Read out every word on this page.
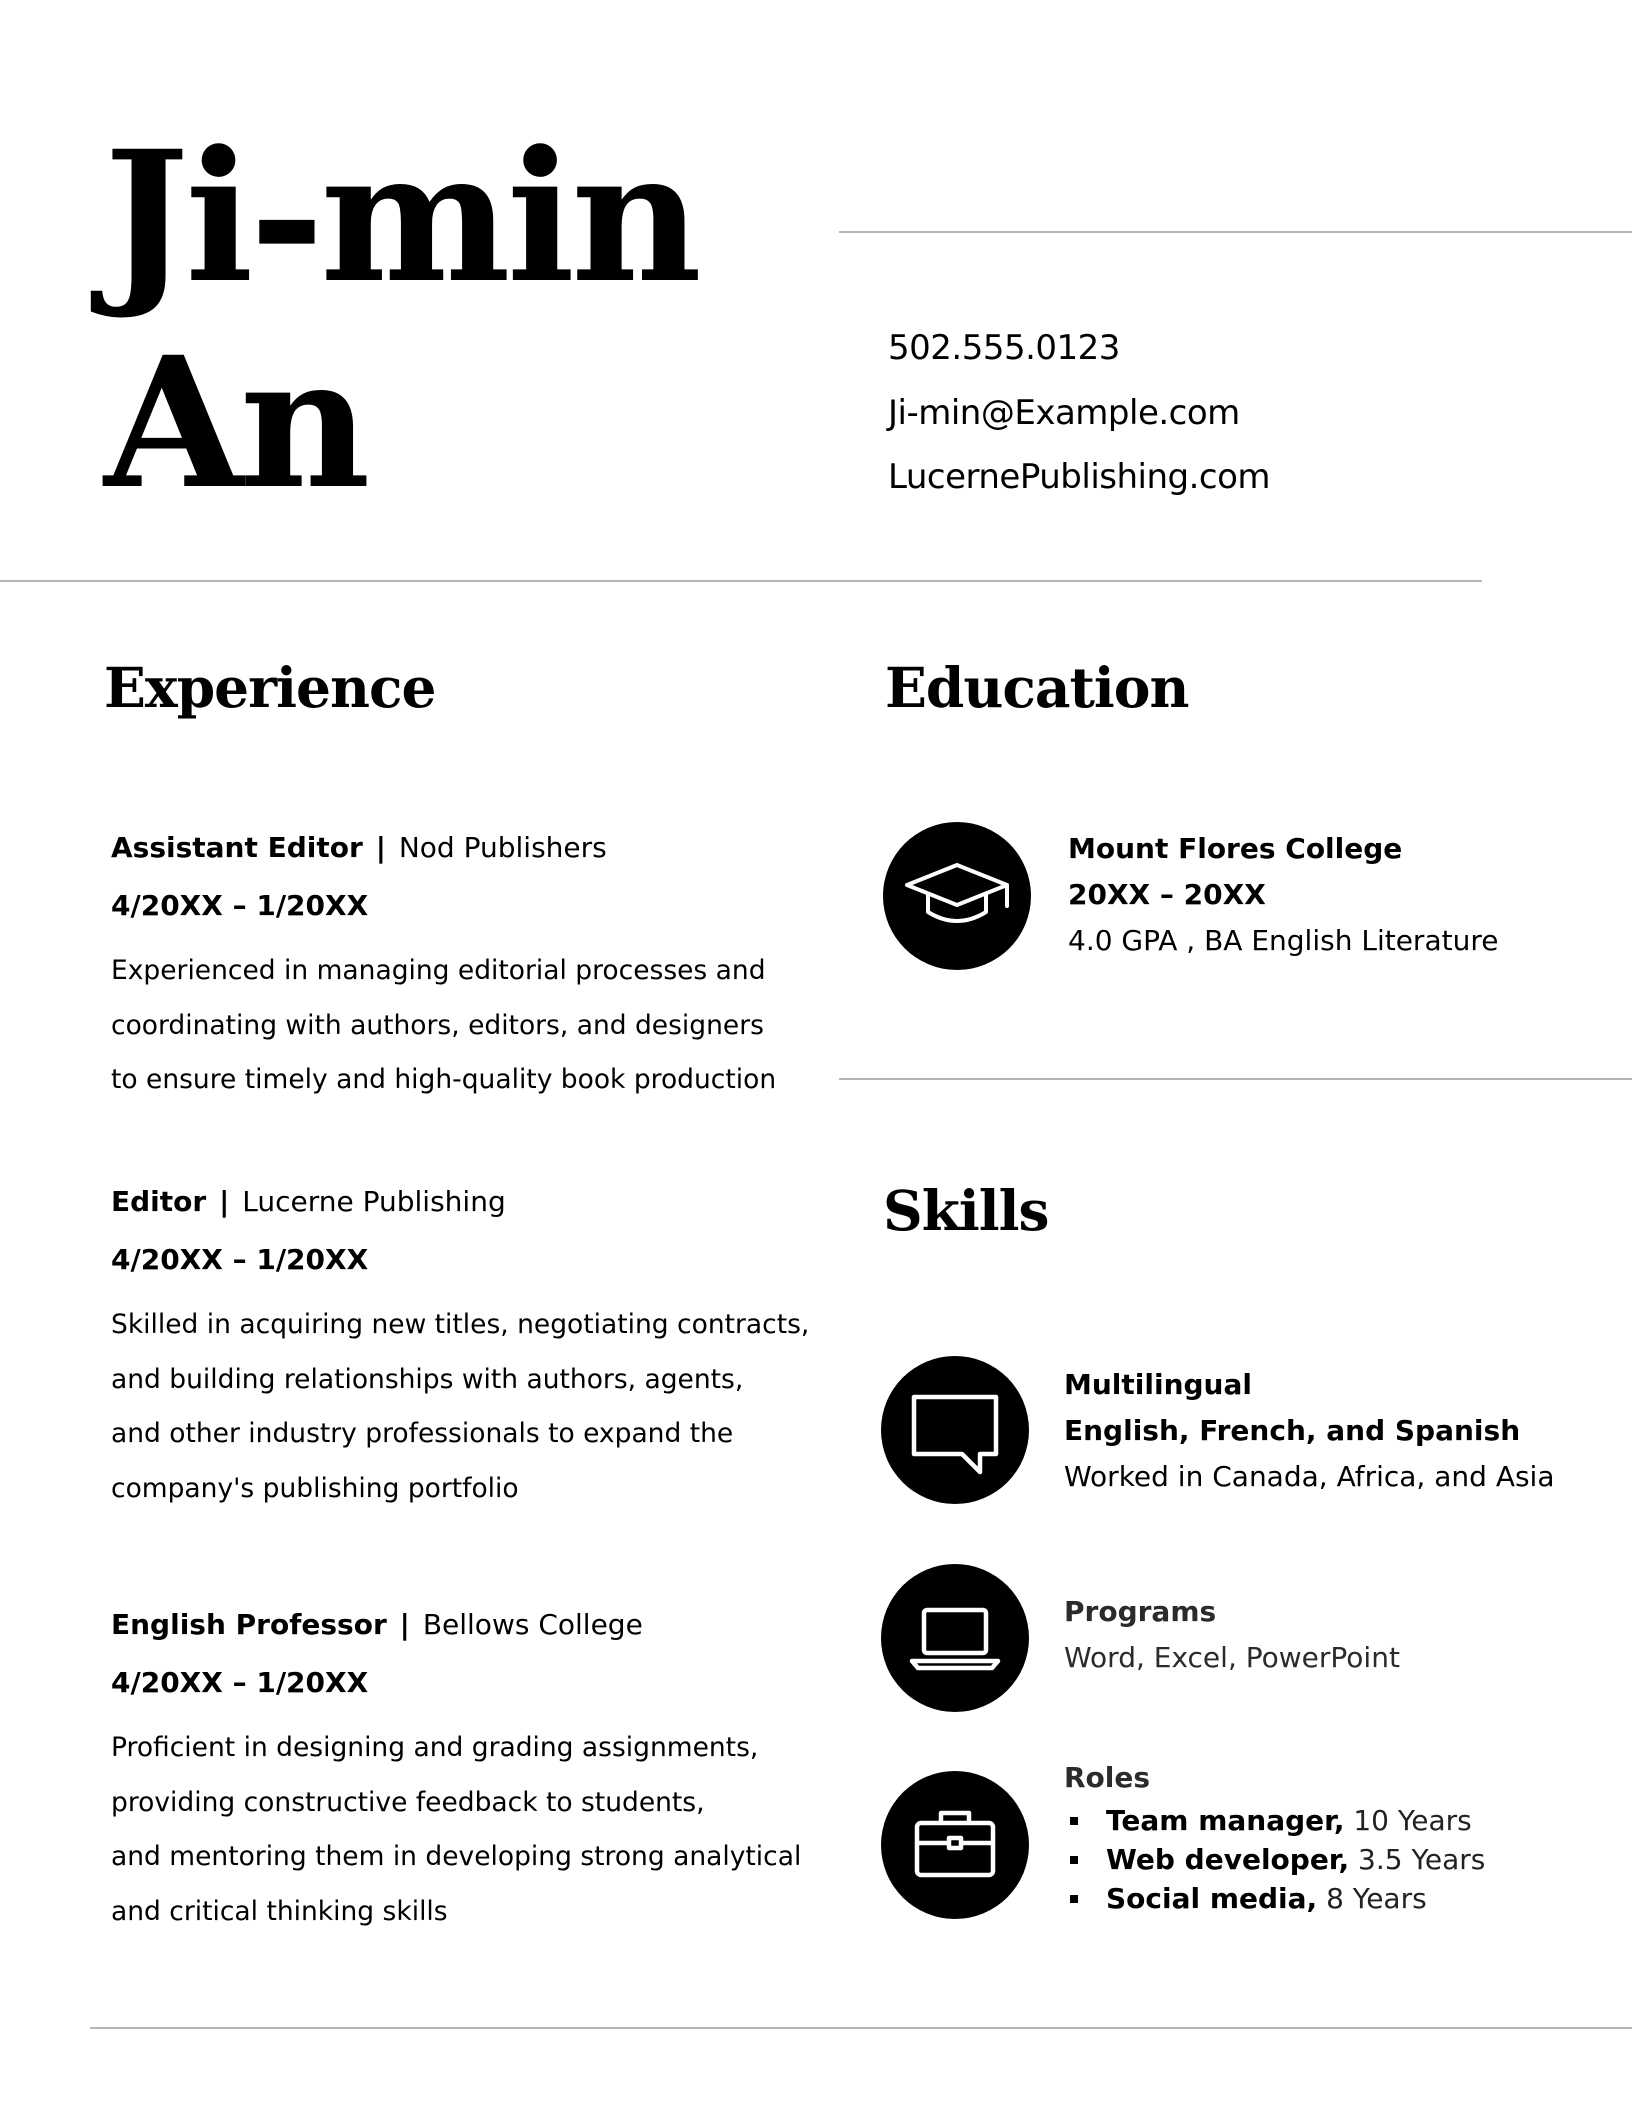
Ji-min
An	502.555.0123
Ji-min@Example.com
LucernePublishing.com
Experience
Assistant Editor | Nod Publishers
4/20XX – 1/20XX
Experienced in managing editorial processes and
coordinating with authors, editors, and designers
to ensure timely and high-quality book production
Editor | Lucerne Publishing
4/20XX – 1/20XX
Skilled in acquiring new titles, negotiating contracts,
and building relationships with authors, agents,
and other industry professionals to expand the
company's publishing portfolio
English Professor | Bellows College
4/20XX – 1/20XX
Proficient in designing and grading assignments,
providing constructive feedback to students,
and mentoring them in developing strong analytical
and critical thinking skills
Education
Mount Flores College
20XX – 20XX
4.0 GPA , BA English Literature
Skills
Multilingual
English, French, and Spanish
Worked in Canada, Africa, and Asia
Programs
Word, Excel, PowerPoint
Roles
Team manager, 10 Years
Web developer, 3.5 Years
Social media, 8 Years
